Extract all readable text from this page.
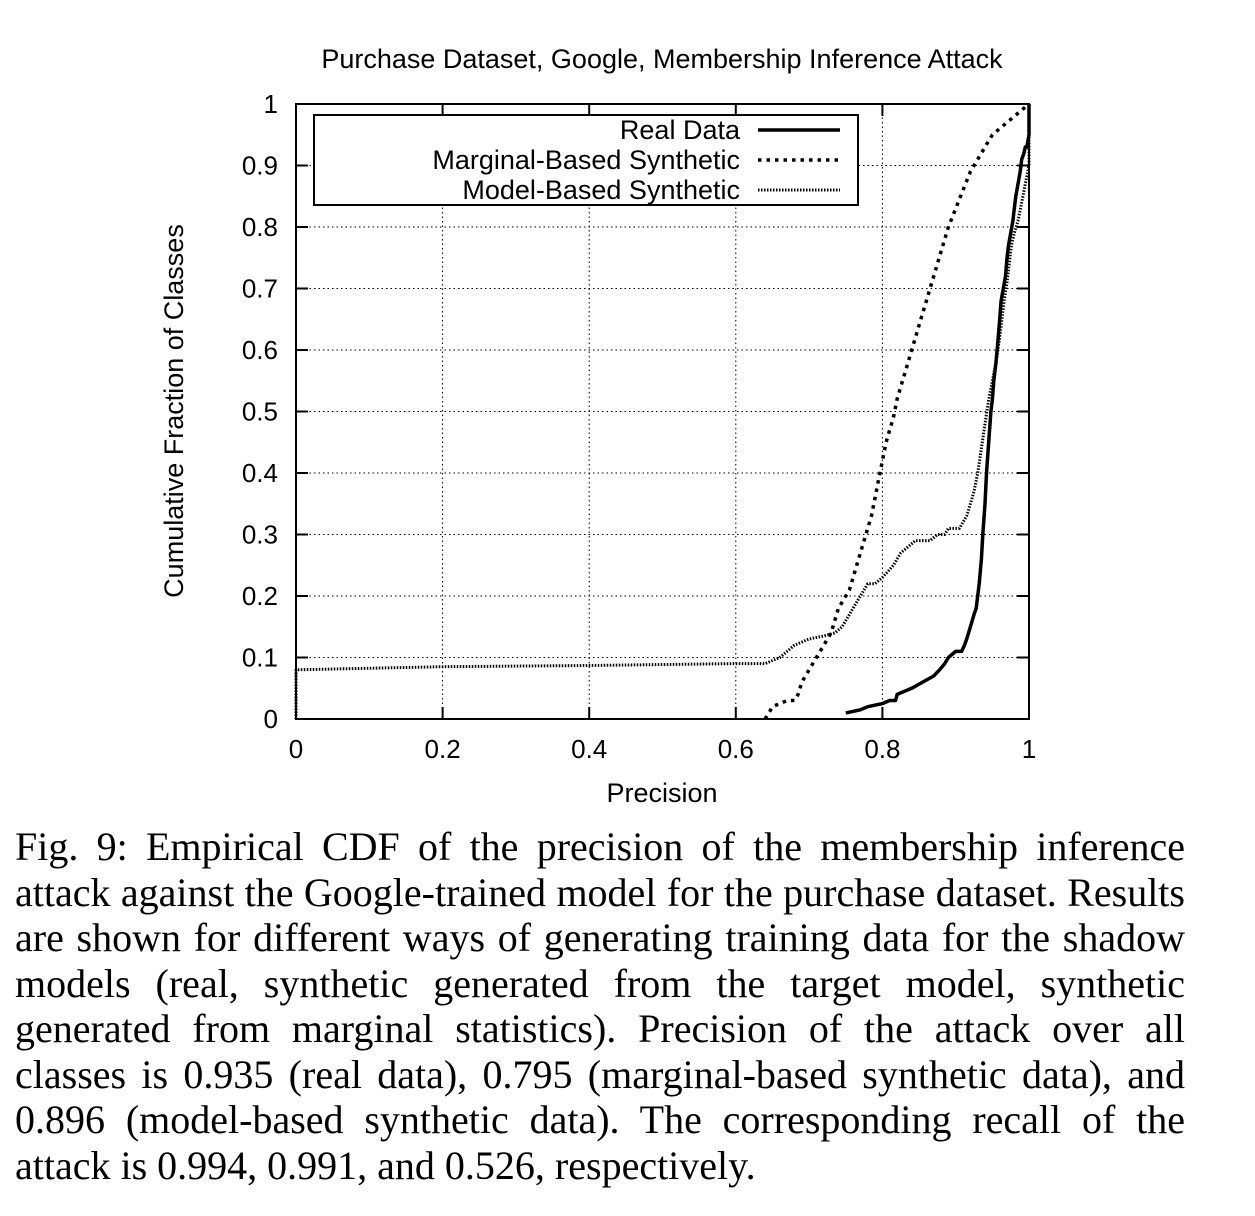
Purchase Dataset, Google, Membership Inference Attack
0	0.2	0.4	0.6	0.8	1
0
0.1
0.2
0.3
0.4
0.5
0.6
0.7
0.8
0.9
1
Precision
Cumulative Fraction of Classes
Real Data
Marginal-Based Synthetic
Model-Based Synthetic
Fig. 9: Empirical CDF of the precision of the membership inference attack against the Google-trained model for the purchase dataset. Results are shown for different ways of generating training data for the shadow models (real, synthetic generated from the target model, synthetic generated from marginal statistics). Precision of the attack over all classes is 0.935 (real data), 0.795 (marginal-based synthetic data), and 0.896 (model-based synthetic data). The corresponding recall of the attack is 0.994, 0.991, and 0.526, respectively.
